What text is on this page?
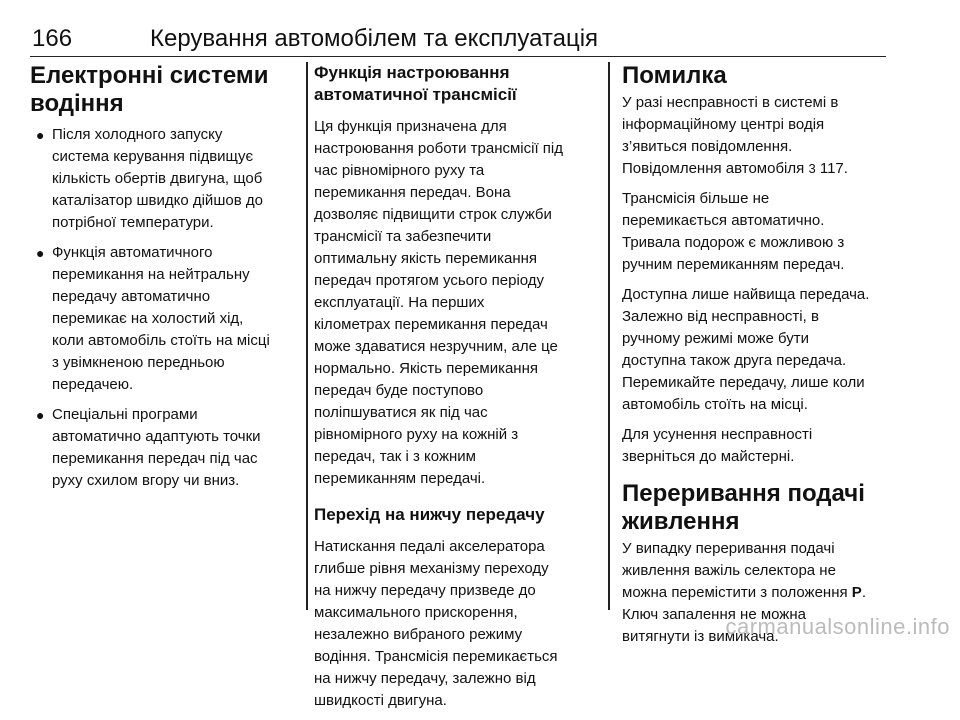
166	Керування автомобілем та експлуатація
Електронні системи
водіння
● Після холодного запуску
система керування підвищує
кількість обертів двигуна, щоб
каталізатор швидко дійшов до
потрібної температури.
● Функція автоматичного
перемикання на нейтральну
передачу автоматично
перемикає на холостий хід,
коли автомобіль стоїть на місці
з увімкненою передньою
передачею.
● Спеціальні програми
автоматично адаптують точки
перемикання передач під час
руху схилом вгору чи вниз.
Функція настроювання
автоматичної трансмісії

Ця функція призначена для
настроювання роботи трансмісії під
час рівномірного руху та
перемикання передач. Вона
дозволяє підвищити строк служби
трансмісії та забезпечити
оптимальну якість перемикання
передач протягом усього періоду
експлуатації. На перших
кілометрах перемикання передач
може здаватися незручним, але це
нормально. Якість перемикання
передач буде поступово
поліпшуватися як під час
рівномірного руху на кожній з
передач, так і з кожним
перемиканням передачі.

Перехід на нижчу передачу

Натискання педалі акселератора
глибше рівня механізму переходу
на нижчу передачу призведе до
максимального прискорення,
незалежно вибраного режиму
водіння. Трансмісія перемикається
на нижчу передачу, залежно від
швидкості двигуна.

Помилка

У разі несправності в системі в
інформаційному центрі водія
з’явиться повідомлення.
Повідомлення автомобіля 3 117.

Трансмісія більше не
перемикається автоматично.
Тривала подорож є можливою з
ручним перемиканням передач.

Доступна лише найвища передача.
Залежно від несправності, в
ручному режимі може бути
доступна також друга передача.
Перемикайте передачу, лише коли
автомобіль стоїть на місці.

Для усунення несправності
зверніться до майстерні.

Переривання подачі
живлення

У випадку переривання подачі
живлення важіль селектора не
можна перемістити з положення P.
Ключ запалення не можна
витягнути із вимикача.

carmanualsonline.info
